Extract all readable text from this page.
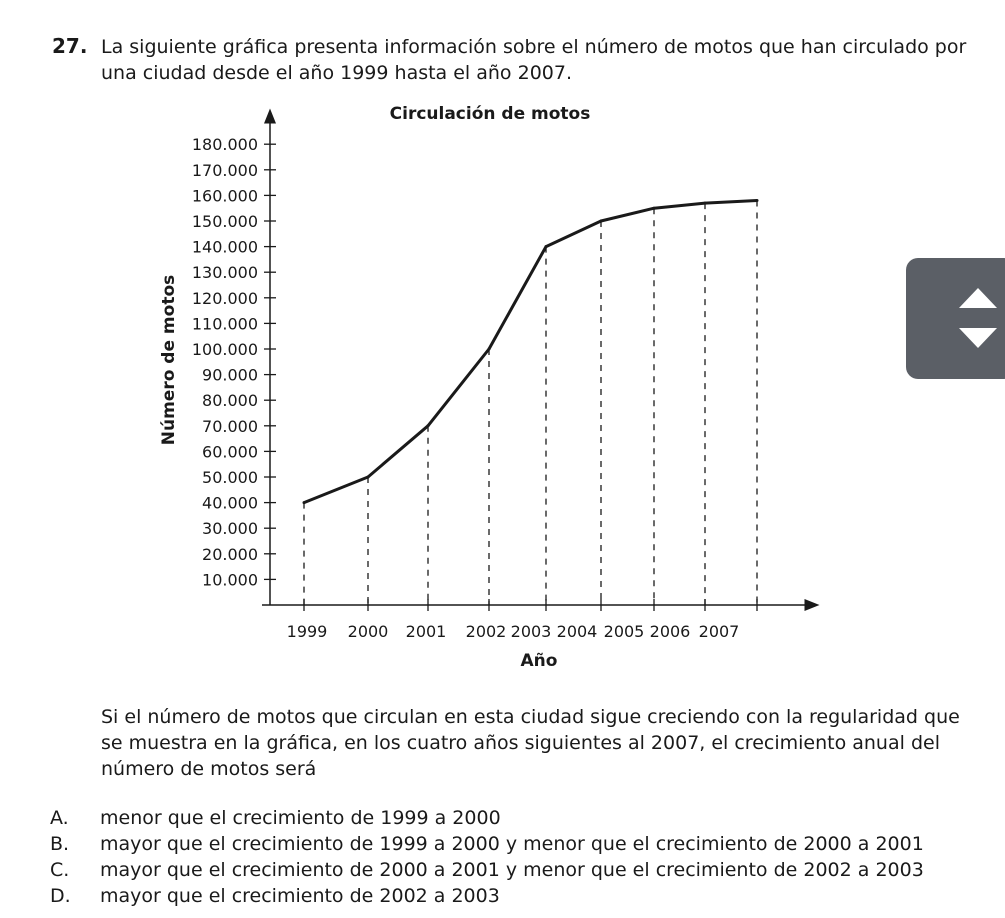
27. La siguiente gráfica presenta información sobre el número de motos que han circulado por
una ciudad desde el año 1999 hasta el año 2007.
Circulación de motos
Año
Número de motos
10.000
20.000
30.000
40.000
50.000
60.000
70.000
80.000
90.000
100.000
110.000
120.000
130.000
140.000
150.000
160.000
170.000
180.000
1999 2000 2001 2002 2003 2004 2005 2006 2007
Si el número de motos que circulan en esta ciudad sigue creciendo con la regularidad que
se muestra en la gráfica, en los cuatro años siguientes al 2007, el crecimiento anual del
número de motos será
A. menor que el crecimiento de 1999 a 2000
B. mayor que el crecimiento de 1999 a 2000 y menor que el crecimiento de 2000 a 2001
C. mayor que el crecimiento de 2000 a 2001 y menor que el crecimiento de 2002 a 2003
D. mayor que el crecimiento de 2002 a 2003
